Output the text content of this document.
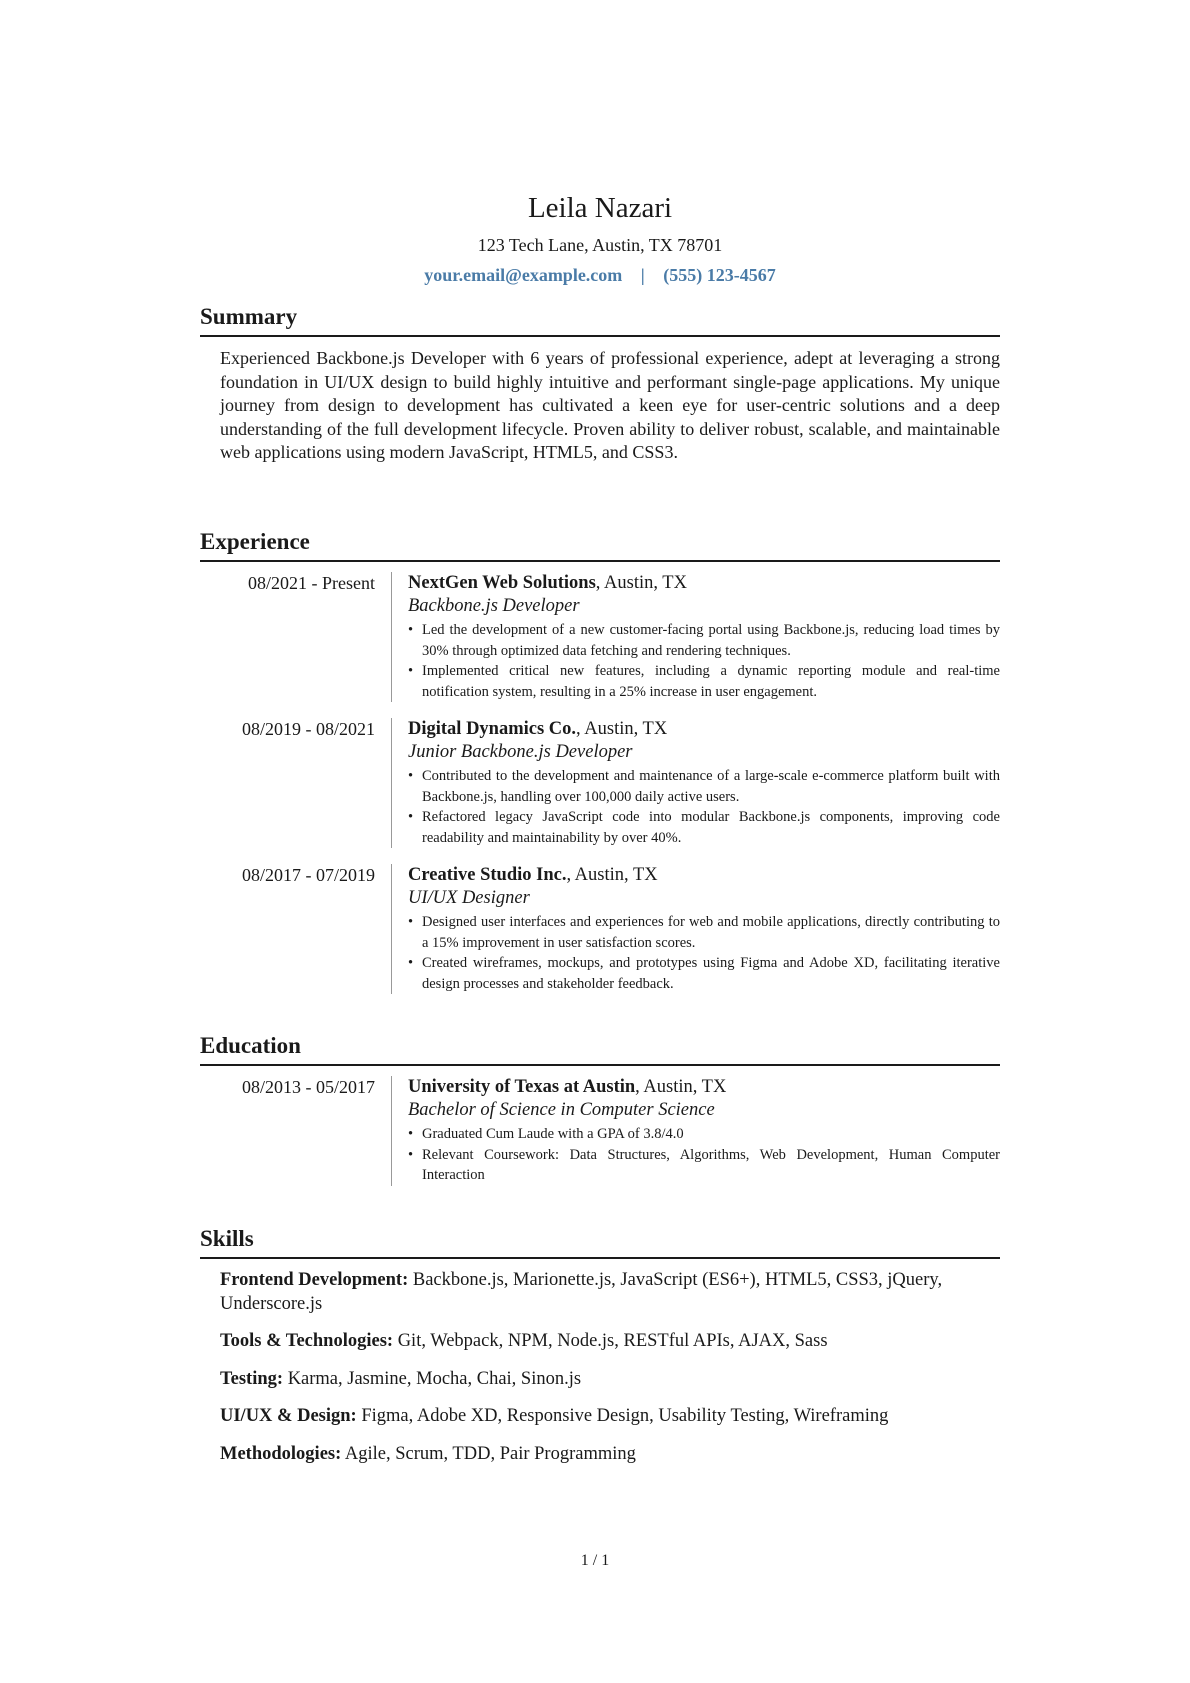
Leila Nazari
123 Tech Lane, Austin, TX 78701
your.email@example.com | (555) 123-4567
Summary

Experienced Backbone.js Developer with 6 years of professional experience, adept at leveraging a strong foundation in UI/UX design to build highly intuitive and performant single-page applications. My unique journey from design to development has cultivated a keen eye for user-centric solutions and a deep understanding of the full development lifecycle. Proven ability to deliver robust, scalable, and maintainable web applications using modern JavaScript, HTML5, and CSS3.

Experience
08/2021 - Present NextGen Web Solutions, Austin, TX
Backbone.js Developer
• Led the development of a new customer-facing portal using Backbone.js, reducing load times by 30% through optimized data fetching and rendering techniques.
• Implemented critical new features, including a dynamic reporting module and real-time notification system, resulting in a 25% increase in user engagement.
08/2019 - 08/2021 Digital Dynamics Co., Austin, TX
Junior Backbone.js Developer
• Contributed to the development and maintenance of a large-scale e-commerce platform built with Backbone.js, handling over 100,000 daily active users.
• Refactored legacy JavaScript code into modular Backbone.js components, improving code readability and maintainability by over 40%.
08/2017 - 07/2019 Creative Studio Inc., Austin, TX
UI/UX Designer
• Designed user interfaces and experiences for web and mobile applications, directly contributing to a 15% improvement in user satisfaction scores.
• Created wireframes, mockups, and prototypes using Figma and Adobe XD, facilitating iterative design processes and stakeholder feedback.
Education
08/2013 - 05/2017 University of Texas at Austin, Austin, TX
Bachelor of Science in Computer Science
• Graduated Cum Laude with a GPA of 3.8/4.0
• Relevant Coursework: Data Structures, Algorithms, Web Development, Human Computer Interaction
Skills

Frontend Development: Backbone.js, Marionette.js, JavaScript (ES6+), HTML5, CSS3, jQuery, Underscore.js

Tools & Technologies: Git, Webpack, NPM, Node.js, RESTful APIs, AJAX, Sass

Testing: Karma, Jasmine, Mocha, Chai, Sinon.js

UI/UX & Design: Figma, Adobe XD, Responsive Design, Usability Testing, Wireframing

Methodologies: Agile, Scrum, TDD, Pair Programming

1 / 1
